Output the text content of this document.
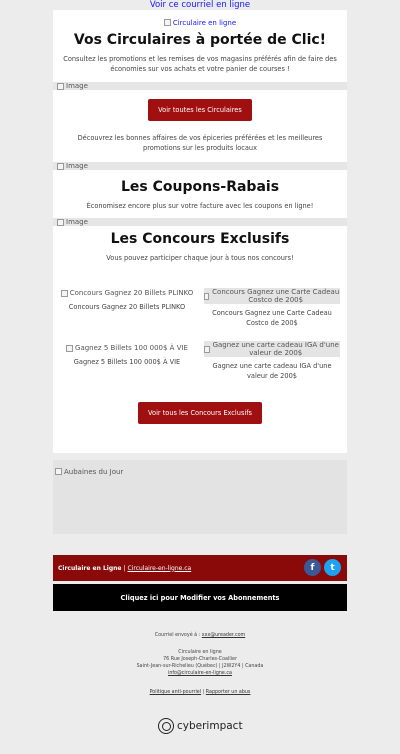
Voir ce courriel en ligne
Circulaire en ligne
Vos Circulaires à portée de Clic!

Consultez les promotions et les remises de vos magasins préférés afin de faire des économies sur vos achats et votre panier de courses !

Image
Voir toutes les Circulaires

Découvrez les bonnes affaires de vos épiceries préférées et les meilleures promotions sur les produits locaux

Image
Les Coupons-Rabais

Économisez encore plus sur votre facture avec les coupons en ligne!

Image
Les Concours Exclusifs

Vous pouvez participer chaque jour à tous nos concours!

Concours Gagnez 20 Billets PLINKO
Concours Gagnez 20 Billets PLINKO
Concours Gagnez une Carte Cadeau Costco de 200$
Concours Gagnez une Carte Cadeau Costco de 200$
Gagnez 5 Billets 100 000$ À VIE
Gagnez 5 Billets 100 000$ À VIE
Gagnez une carte cadeau IGA d'une valeur de 200$
Gagnez une carte cadeau IGA d'une valeur de 200$
Voir tous les Concours Exclusifs
Aubaines du Jour
Circulaire en Ligne | Circulaire-en-ligne.ca	f	t
Cliquez ici pour Modifier vos Abonnements
Courriel envoyé à : xxx@ureader.com
Circulaire en ligne
76 Rue Joseph-Charles-Coallier
Saint-Jean-sur-Richelieu (Québec) | J2W2Y4 | Canada
info@circulaire-en-ligne.ca
Politique anti-pourriel | Rapporter un abus
cyberimpact
